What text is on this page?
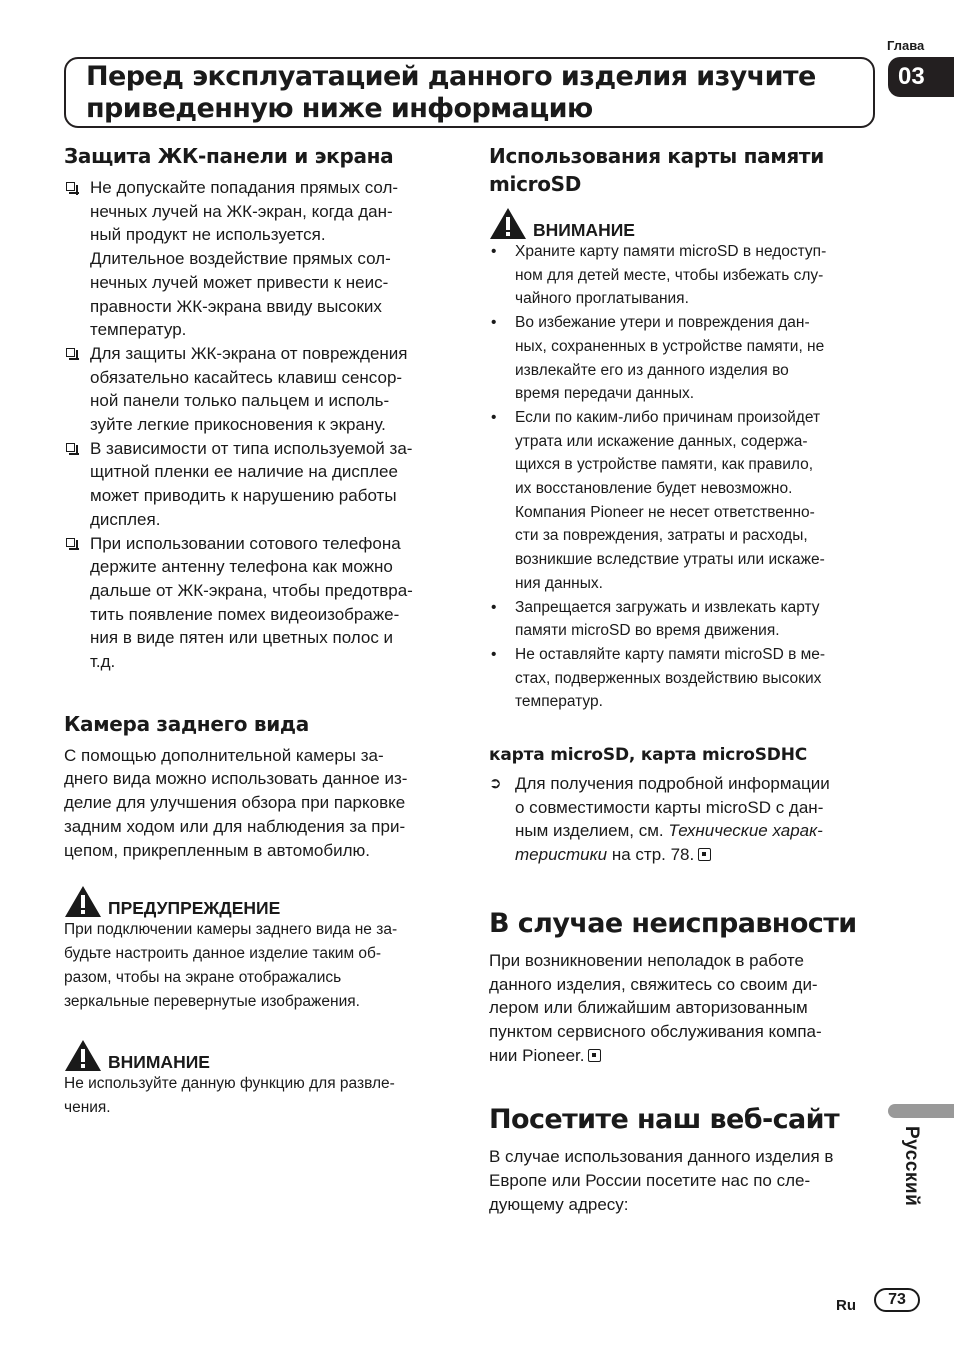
Глава
03
Перед эксплуатацией данного изделия изучите
приведенную ниже информацию
Защита ЖК-панели и экрана
Не допускайте попадания прямых сол-
нечных лучей на ЖК-экран, когда дан-
ный продукт не используется.
Длительное воздействие прямых сол-
нечных лучей может привести к неис-
правности ЖК-экрана ввиду высоких
температур.

Для защиты ЖК-экрана от повреждения
обязательно касайтесь клавиш сенсор-
ной панели только пальцем и исполь-
зуйте легкие прикосновения к экрану.

В зависимости от типа используемой за-
щитной пленки ее наличие на дисплее
может приводить к нарушению работы
дисплея.

При использовании сотового телефона
держите антенну телефона как можно
дальше от ЖК-экрана, чтобы предотвра-
тить появление помех видеоизображе-
ния в виде пятен или цветных полос и
т.д.

Камера заднего вида

С помощью дополнительной камеры за-
днего вида можно использовать данное из-
делие для улучшения обзора при парковке
задним ходом или для наблюдения за при-
цепом, прикрепленным в автомобилю.

ПРЕДУПРЕЖДЕНИЕ

При подключении камеры заднего вида не за-
будьте настроить данное изделие таким об-
разом, чтобы на экране отображались
зеркальные перевернутые изображения.

ВНИМАНИЕ

Не используйте данную функцию для развле-
чения.

Использования карты памяти
microSD
ВНИМАНИЕ
• Храните карту памяти microSD в недоступ-
ном для детей месте, чтобы избежать слу-
чайного проглатывания.

• Во избежание утери и повреждения дан-
ных, сохраненных в устройстве памяти, не
извлекайте его из данного изделия во
время передачи данных.

• Если по каким-либо причинам произойдет
утрата или искажение данных, содержа-
щихся в устройстве памяти, как правило,
их восстановление будет невозможно.
Компания Pioneer не несет ответственно-
сти за повреждения, затраты и расходы,
возникшие вследствие утраты или искаже-
ния данных.

• Запрещается загружать и извлекать карту
памяти microSD во время движения.

• Не оставляйте карту памяти microSD в ме-
стах, подверженных воздействию высоких
температур.

карта microSD, карта microSDHC
➲ Для получения подробной информации
о совместимости карты microSD с дан-
ным изделием, см. Технические харак-
теристики на стр. 78.
В случае неисправности

При возникновении неполадок в работе
данного изделия, свяжитесь со своим ди-
лером или ближайшим авторизованным
пунктом сервисного обслуживания компа-
нии Pioneer.

Посетите наш веб-сайт

В случае использования данного изделия в
Европе или России посетите нас по сле-
дующему адресу:	Русский
Ru	73
